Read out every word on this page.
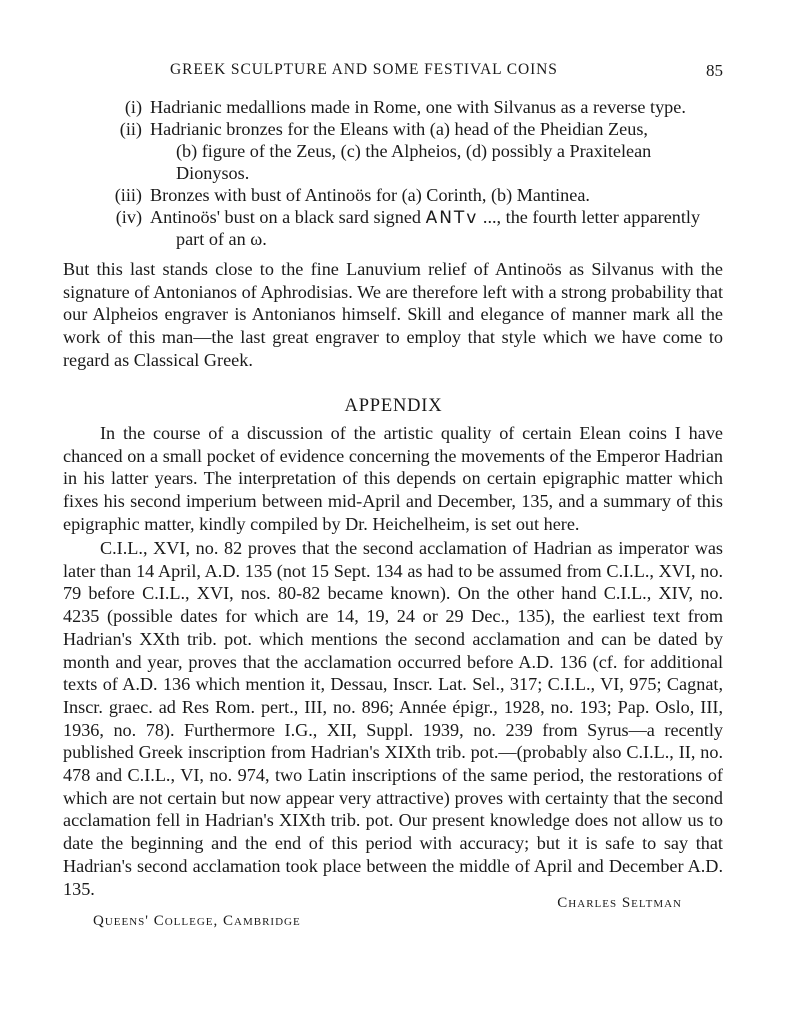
GREEK SCULPTURE AND SOME FESTIVAL COINS	85
(i) Hadrianic medallions made in Rome, one with Silvanus as a reverse type.
(ii) Hadrianic bronzes for the Eleans with (a) head of the Pheidian Zeus,
(b) figure of the Zeus, (c) the Alpheios, (d) possibly a Praxitelean
Dionysos.
(iii) Bronzes with bust of Antinoös for (a) Corinth, (b) Mantinea.
(iv) Antinoös' bust on a black sard signed ANTv ..., the fourth letter apparently
part of an ω.
But this last stands close to the fine Lanuvium relief of Antinoös as Silvanus with the signature of Antonianos of Aphrodisias. We are therefore left with a strong probability that our Alpheios engraver is Antonianos himself. Skill and elegance of manner mark all the work of this man—the last great engraver to employ that style which we have come to regard as Classical Greek.
APPENDIX
In the course of a discussion of the artistic quality of certain Elean coins I have chanced on a small pocket of evidence concerning the movements of the Emperor Hadrian in his latter years. The interpretation of this depends on certain epigraphic matter which fixes his second imperium between mid-April and December, 135, and a summary of this epigraphic matter, kindly compiled by Dr. Heichelheim, is set out here.
C.I.L., XVI, no. 82 proves that the second acclamation of Hadrian as imperator was later than 14 April, A.D. 135 (not 15 Sept. 134 as had to be assumed from C.I.L., XVI, no. 79 before C.I.L., XVI, nos. 80-82 became known). On the other hand C.I.L., XIV, no. 4235 (possible dates for which are 14, 19, 24 or 29 Dec., 135), the earliest text from Hadrian's XXth trib. pot. which mentions the second acclamation and can be dated by month and year, proves that the acclamation occurred before A.D. 136 (cf. for additional texts of A.D. 136 which mention it, Dessau, Inscr. Lat. Sel., 317; C.I.L., VI, 975; Cagnat, Inscr. graec. ad Res Rom. pert., III, no. 896; Année épigr., 1928, no. 193; Pap. Oslo, III, 1936, no. 78). Furthermore I.G., XII, Suppl. 1939, no. 239 from Syrus—a recently published Greek inscription from Hadrian's XIXth trib. pot.—(probably also C.I.L., II, no. 478 and C.I.L., VI, no. 974, two Latin inscriptions of the same period, the restorations of which are not certain but now appear very attractive) proves with certainty that the second acclamation fell in Hadrian's XIXth trib. pot. Our present knowledge does not allow us to date the beginning and the end of this period with accuracy; but it is safe to say that Hadrian's second acclamation took place between the middle of April and December A.D. 135.
Charles Seltman
Queens' College, Cambridge
